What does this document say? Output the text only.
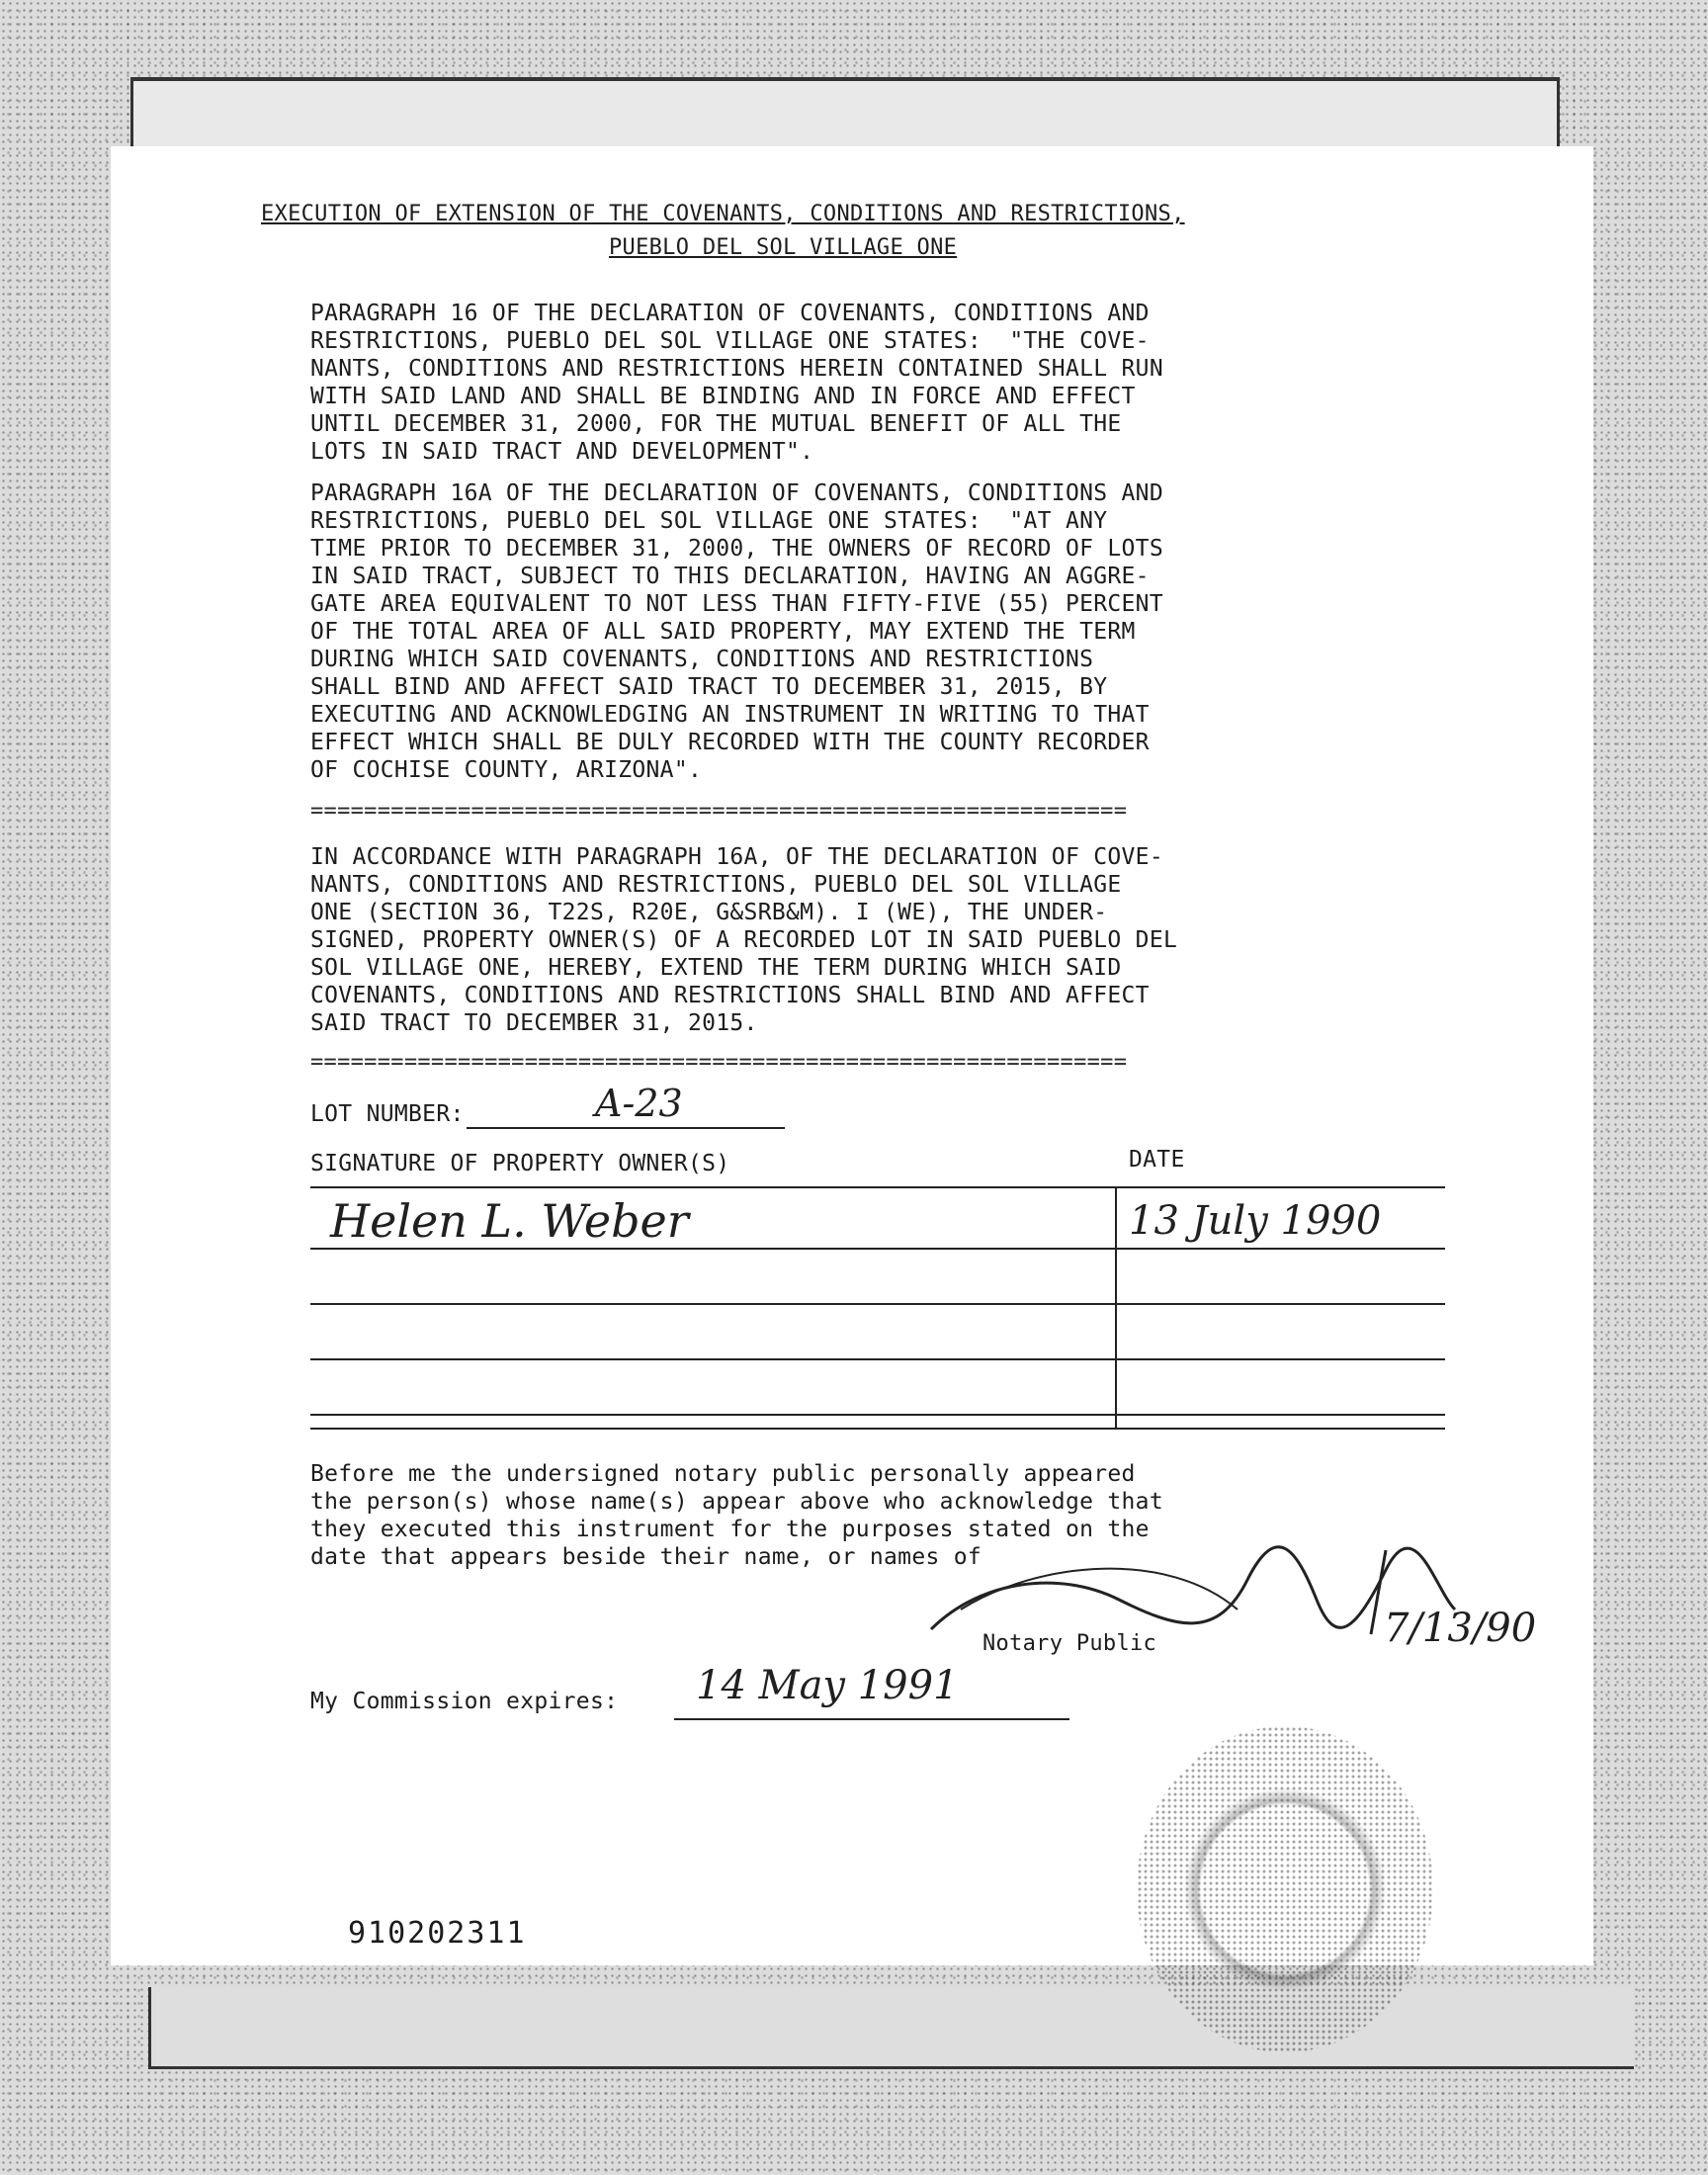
EXECUTION OF EXTENSION OF THE COVENANTS, CONDITIONS AND RESTRICTIONS,
PUEBLO DEL SOL VILLAGE ONE
PARAGRAPH 16 OF THE DECLARATION OF COVENANTS, CONDITIONS AND
RESTRICTIONS, PUEBLO DEL SOL VILLAGE ONE STATES:  "THE COVE-
NANTS, CONDITIONS AND RESTRICTIONS HEREIN CONTAINED SHALL RUN
WITH SAID LAND AND SHALL BE BINDING AND IN FORCE AND EFFECT
UNTIL DECEMBER 31, 2000, FOR THE MUTUAL BENEFIT OF ALL THE
LOTS IN SAID TRACT AND DEVELOPMENT".
PARAGRAPH 16A OF THE DECLARATION OF COVENANTS, CONDITIONS AND
RESTRICTIONS, PUEBLO DEL SOL VILLAGE ONE STATES:  "AT ANY
TIME PRIOR TO DECEMBER 31, 2000, THE OWNERS OF RECORD OF LOTS
IN SAID TRACT, SUBJECT TO THIS DECLARATION, HAVING AN AGGRE-
GATE AREA EQUIVALENT TO NOT LESS THAN FIFTY-FIVE (55) PERCENT
OF THE TOTAL AREA OF ALL SAID PROPERTY, MAY EXTEND THE TERM
DURING WHICH SAID COVENANTS, CONDITIONS AND RESTRICTIONS
SHALL BIND AND AFFECT SAID TRACT TO DECEMBER 31, 2015, BY
EXECUTING AND ACKNOWLEDGING AN INSTRUMENT IN WRITING TO THAT
EFFECT WHICH SHALL BE DULY RECORDED WITH THE COUNTY RECORDER
OF COCHISE COUNTY, ARIZONA".
=============================================================
IN ACCORDANCE WITH PARAGRAPH 16A, OF THE DECLARATION OF COVE-
NANTS, CONDITIONS AND RESTRICTIONS, PUEBLO DEL SOL VILLAGE
ONE (SECTION 36, T22S, R20E, G&SRB&M). I (WE), THE UNDER-
SIGNED, PROPERTY OWNER(S) OF A RECORDED LOT IN SAID PUEBLO DEL
SOL VILLAGE ONE, HEREBY, EXTEND THE TERM DURING WHICH SAID
COVENANTS, CONDITIONS AND RESTRICTIONS SHALL BIND AND AFFECT
SAID TRACT TO DECEMBER 31, 2015.
=============================================================
LOT NUMBER:	A-23
SIGNATURE OF PROPERTY OWNER(S)	DATE
Helen L. Weber	13 July 1990
Before me the undersigned notary public personally appeared
the person(s) whose name(s) appear above who acknowledge that
they executed this instrument for the purposes stated on the
date that appears beside their name, or names of
Notary Public	7/13/90
My Commission expires: 14 May 1991
910202311
